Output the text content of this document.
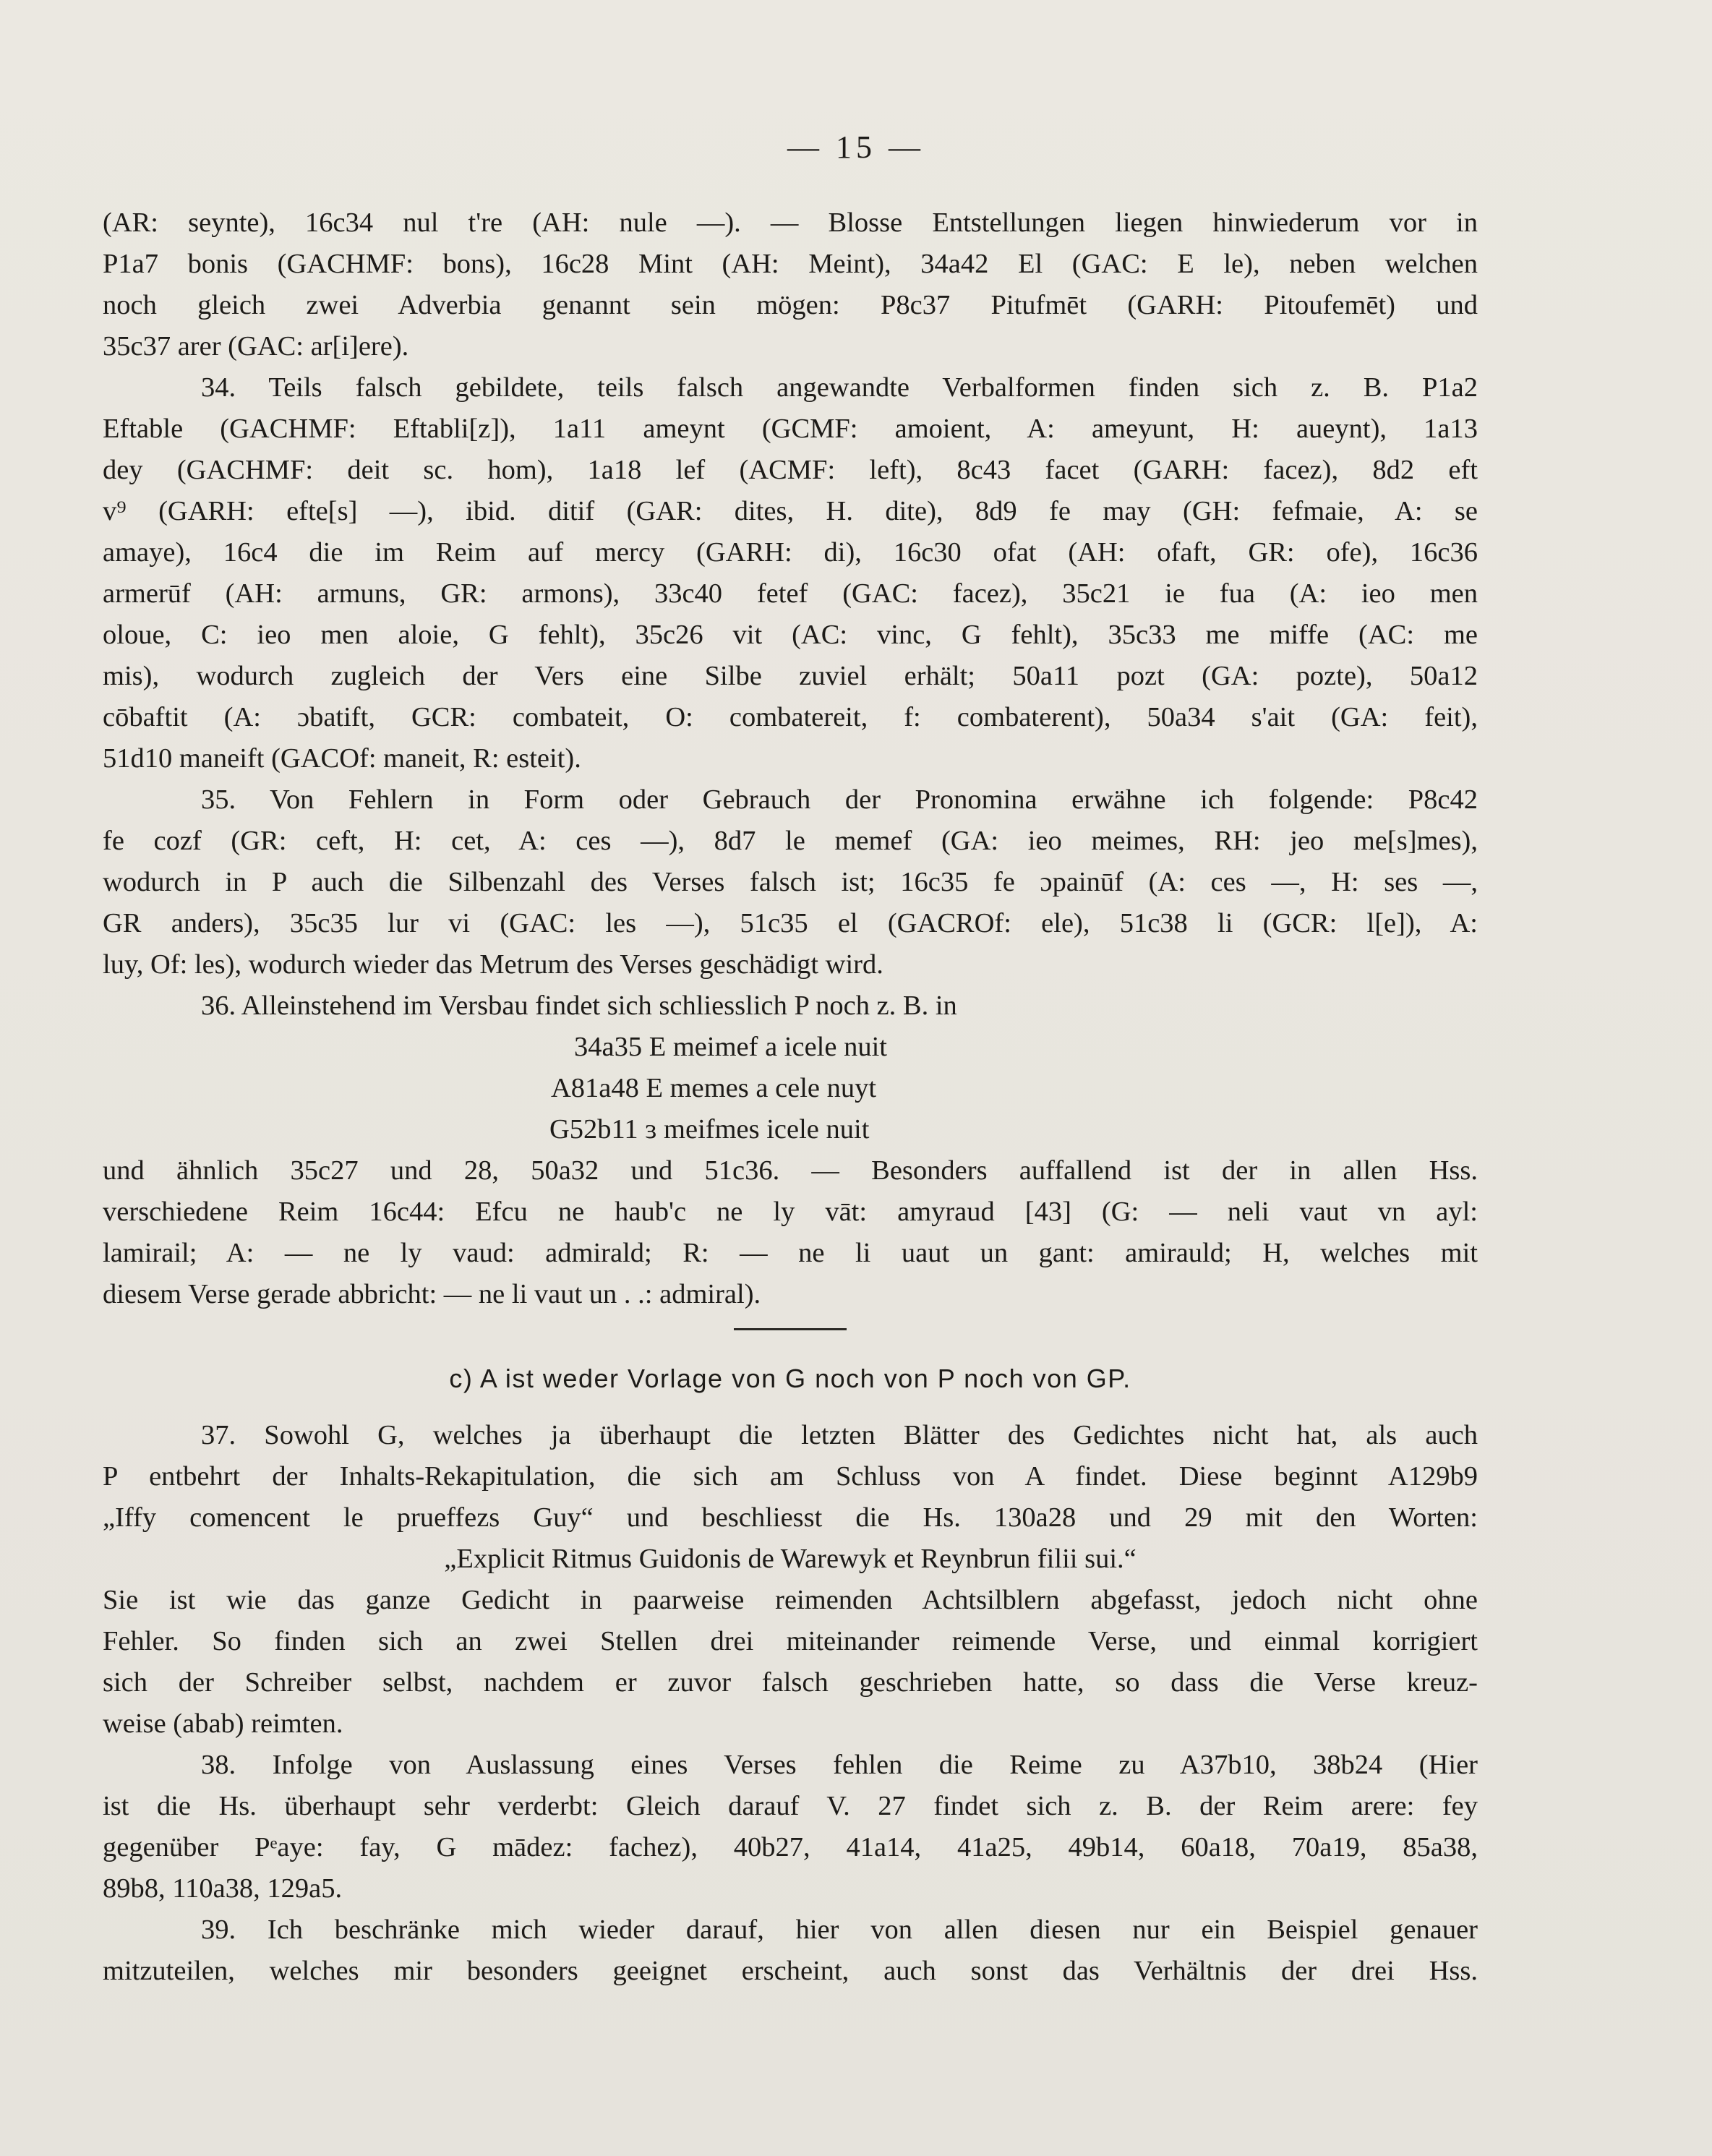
— 15 —

(AR: seynte), 16c34 nul t're (AH: nule —). — Blosse Entstellungen liegen hinwiederum vor in

P1a7 bonis (GACHMF: bons), 16c28 Mint (AH: Meint), 34a42 El (GAC: E le), neben welchen

noch gleich zwei Adverbia genannt sein mögen: P8c37 Pitufmēt (GARH: Pitoufemēt) und

35c37 arer (GAC: ar[i]ere).

34. Teils falsch gebildete, teils falsch angewandte Verbalformen finden sich z. B. P1a2

Eftable (GACHMF: Eftabli[z]), 1a11 ameynt (GCMF: amoient, A: ameyunt, H: aueynt), 1a13

dey (GACHMF: deit sc. hom), 1a18 lef (ACMF: left), 8c43 facet (GARH: facez), 8d2 eft

v⁹ (GARH: efte[s] —), ibid. ditif (GAR: dites, H. dite), 8d9 fe may (GH: fefmaie, A: se

amaye), 16c4 die im Reim auf mercy (GARH: di), 16c30 ofat (AH: ofaft, GR: ofe), 16c36

armerūf (AH: armuns, GR: armons), 33c40 fetef (GAC: facez), 35c21 ie fua (A: ieo men

oloue, C: ieo men aloie, G fehlt), 35c26 vit (AC: vinc, G fehlt), 35c33 me miffe (AC: me

mis), wodurch zugleich der Vers eine Silbe zuviel erhält; 50a11 pozt (GA: pozte), 50a12

cōbaftit (A: ɔbatift, GCR: combateit, O: combatereit, f: combaterent), 50a34 s'ait (GA: feit),

51d10 maneift (GACOf: maneit, R: esteit).

35. Von Fehlern in Form oder Gebrauch der Pronomina erwähne ich folgende: P8c42

fe cozf (GR: ceft, H: cet, A: ces —), 8d7 le memef (GA: ieo meimes, RH: jeo me[s]mes),

wodurch in P auch die Silbenzahl des Verses falsch ist; 16c35 fe ɔpainūf (A: ces —, H: ses —,

GR anders), 35c35 lur vi (GAC: les —), 51c35 el (GACROf: ele), 51c38 li (GCR: l[e]), A:

luy, Of: les), wodurch wieder das Metrum des Verses geschädigt wird.

36. Alleinstehend im Versbau findet sich schliesslich P noch z. B. in

34a35 E meimef a icele nuit

A81a48 E memes a cele nuyt

G52b11 ɜ meifmes icele nuit

und ähnlich 35c27 und 28, 50a32 und 51c36. — Besonders auffallend ist der in allen Hss.

verschiedene Reim 16c44: Efcu ne haub'c ne ly vāt: amyraud [43] (G: — neli vaut vn ayl:

lamirail; A: — ne ly vaud: admirald; R: — ne li uaut un gant: amirauld; H, welches mit

diesem Verse gerade abbricht: — ne li vaut un . .: admiral).

c) A ist weder Vorlage von G noch von P noch von GP.

37. Sowohl G, welches ja überhaupt die letzten Blätter des Gedichtes nicht hat, als auch

P entbehrt der Inhalts-Rekapitulation, die sich am Schluss von A findet. Diese beginnt A129b9

„Iffy comencent le prueffezs Guy“ und beschliesst die Hs. 130a28 und 29 mit den Worten:

„Explicit Ritmus Guidonis de Warewyk et Reynbrun filii sui.“

Sie ist wie das ganze Gedicht in paarweise reimenden Achtsilblern abgefasst, jedoch nicht ohne

Fehler. So finden sich an zwei Stellen drei miteinander reimende Verse, und einmal korrigiert

sich der Schreiber selbst, nachdem er zuvor falsch geschrieben hatte, so dass die Verse kreuz-

weise (abab) reimten.

38. Infolge von Auslassung eines Verses fehlen die Reime zu A37b10, 38b24 (Hier

ist die Hs. überhaupt sehr verderbt: Gleich darauf V. 27 findet sich z. B. der Reim arere: fey

gegenüber Pᵉaye: fay, G mādez: fachez), 40b27, 41a14, 41a25, 49b14, 60a18, 70a19, 85a38,

89b8, 110a38, 129a5.

39. Ich beschränke mich wieder darauf, hier von allen diesen nur ein Beispiel genauer

mitzuteilen, welches mir besonders geeignet erscheint, auch sonst das Verhältnis der drei Hss.
